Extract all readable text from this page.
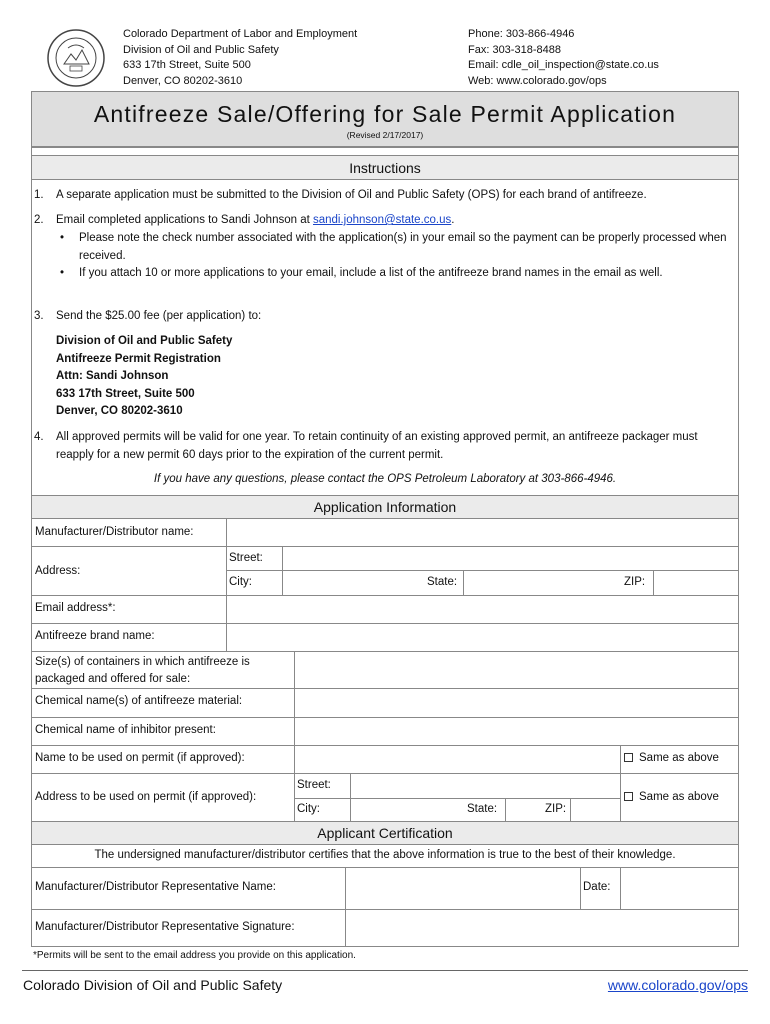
Colorado Department of Labor and Employment
Division of Oil and Public Safety
633 17th Street, Suite 500
Denver, CO 80202-3610
Phone: 303-866-4946
Fax: 303-318-8488
Email: cdle_oil_inspection@state.co.us
Web: www.colorado.gov/ops
Antifreeze Sale/Offering for Sale Permit Application
(Revised 2/17/2017)
Instructions
1. A separate application must be submitted to the Division of Oil and Public Safety (OPS) for each brand of antifreeze.
2. Email completed applications to Sandi Johnson at sandi.johnson@state.co.us.
• Please note the check number associated with the application(s) in your email so the payment can be properly processed when received.
• If you attach 10 or more applications to your email, include a list of the antifreeze brand names in the email as well.
3. Send the $25.00 fee (per application) to:
Division of Oil and Public Safety
Antifreeze Permit Registration
Attn: Sandi Johnson
633 17th Street, Suite 500
Denver, CO 80202-3610
4. All approved permits will be valid for one year. To retain continuity of an existing approved permit, an antifreeze packager must reapply for a new permit 60 days prior to the expiration of the current permit.
If you have any questions, please contact the OPS Petroleum Laboratory at 303-866-4946.
Application Information
Manufacturer/Distributor name:
Address:
Street:
City:	State:	ZIP:
Email address*:
Antifreeze brand name:
Size(s) of containers in which antifreeze is packaged and offered for sale:
Chemical name(s) of antifreeze material:
Chemical name of inhibitor present:
Name to be used on permit (if approved):	Same as above
Address to be used on permit (if approved):
Street:
City:	State:	ZIP:
Same as above
Applicant Certification
The undersigned manufacturer/distributor certifies that the above information is true to the best of their knowledge.
Manufacturer/Distributor Representative Name:	Date:
Manufacturer/Distributor Representative Signature:
*Permits will be sent to the email address you provide on this application.
Colorado Division of Oil and Public Safety	www.colorado.gov/ops
